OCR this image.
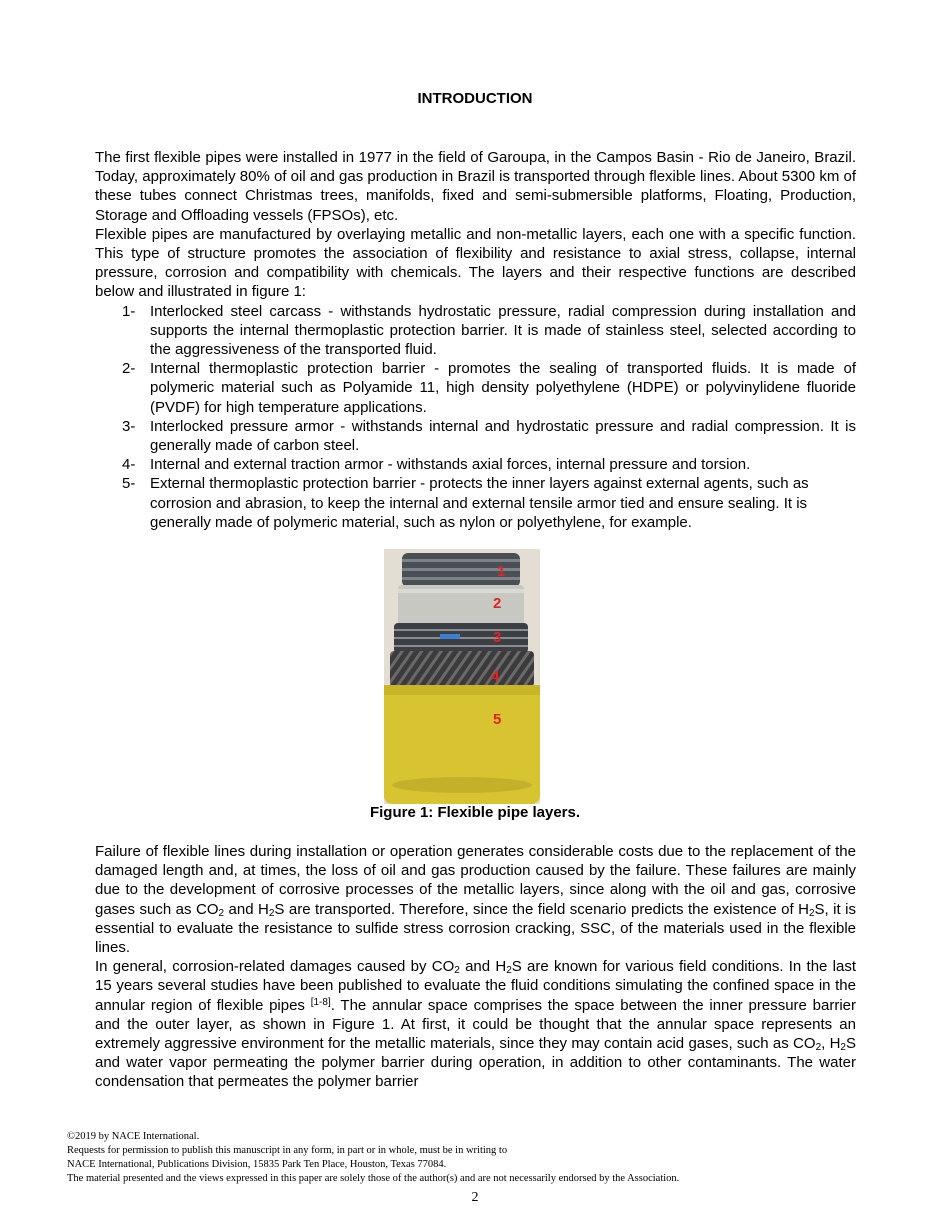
INTRODUCTION

The first flexible pipes were installed in 1977 in the field of Garoupa, in the Campos Basin - Rio de Janeiro, Brazil. Today, approximately 80% of oil and gas production in Brazil is transported through flexible lines. About 5300 km of these tubes connect Christmas trees, manifolds, fixed and semi-submersible platforms, Floating, Production, Storage and Offloading vessels (FPSOs), etc.

Flexible pipes are manufactured by overlaying metallic and non-metallic layers, each one with a specific function. This type of structure promotes the association of flexibility and resistance to axial stress, collapse, internal pressure, corrosion and compatibility with chemicals. The layers and their respective functions are described below and illustrated in figure 1:

1- Interlocked steel carcass - withstands hydrostatic pressure, radial compression during installation and supports the internal thermoplastic protection barrier. It is made of stainless steel, selected according to the aggressiveness of the transported fluid.
2- Internal thermoplastic protection barrier - promotes the sealing of transported fluids. It is made of polymeric material such as Polyamide 11, high density polyethylene (HDPE) or polyvinylidene fluoride (PVDF) for high temperature applications.
3- Interlocked pressure armor - withstands internal and hydrostatic pressure and radial compression. It is generally made of carbon steel.
4- Internal and external traction armor - withstands axial forces, internal pressure and torsion.
5- External thermoplastic protection barrier - protects the inner layers against external agents, such as corrosion and abrasion, to keep the internal and external tensile armor tied and ensure sealing. It is generally made of polymeric material, such as nylon or polyethylene, for example.
1
2
3
4
5
Figure 1: Flexible pipe layers.

Failure of flexible lines during installation or operation generates considerable costs due to the replacement of the damaged length and, at times, the loss of oil and gas production caused by the failure. These failures are mainly due to the development of corrosive processes of the metallic layers, since along with the oil and gas, corrosive gases such as $CO_2$ and $H_2S$ are transported. Therefore, since the field scenario predicts the existence of $H_2S$, it is essential to evaluate the resistance to sulfide stress corrosion cracking, SSC, of the materials used in the flexible lines.

In general, corrosion-related damages caused by $CO_2$ and $H_2S$ are known for various field conditions. In the last 15 years several studies have been published to evaluate the fluid conditions simulating the confined space in the annular region of flexible pipes [1-8]. The annular space comprises the space between the inner pressure barrier and the outer layer, as shown in Figure 1. At first, it could be thought that the annular space represents an extremely aggressive environment for the metallic materials, since they may contain acid gases, such as $CO_2$, $H_2S$ and water vapor permeating the polymer barrier during operation, in addition to other contaminants. The water condensation that permeates the polymer barrier

©2019 by NACE International.
Requests for permission to publish this manuscript in any form, in part or in whole, must be in writing to
NACE International, Publications Division, 15835 Park Ten Place, Houston, Texas 77084.
The material presented and the views expressed in this paper are solely those of the author(s) and are not necessarily endorsed by the Association.
2
